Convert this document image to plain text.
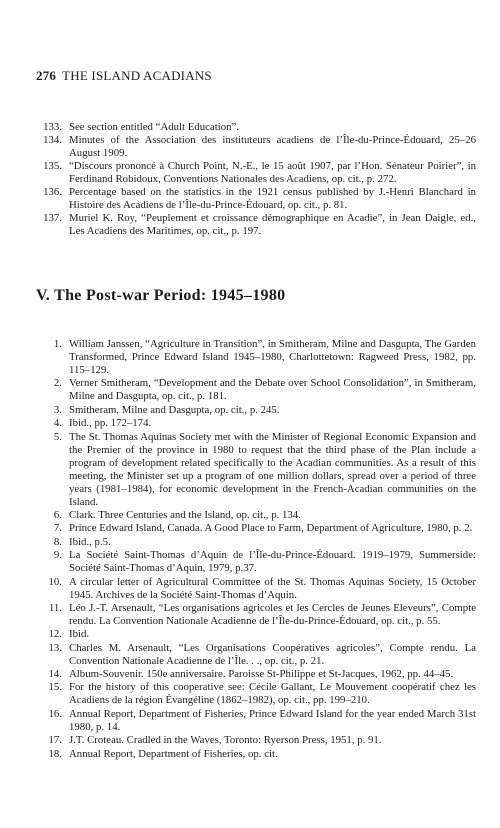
276 THE ISLAND ACADIANS
133. See section entitled “Adult Education”.
134. Minutes of the Association des instituteurs acadiens de l’Île-du-Prince-Édouard, 25–26 August 1909.
135. “Discours prononcé à Church Point, N.-E., le 15 août 1907, par l’Hon. Sénateur Poirier”, in Ferdinand Robidoux, Conventions Nationales des Acadiens, op. cit., p. 272.
136. Percentage based on the statistics in the 1921 census published by J.-Henri Blanchard in Histoire des Acadiens de l’Île-du-Prince-Édouard, op. cit., p. 81.
137. Muriel K. Roy, “Peuplement et croissance démographique en Acadie”, in Jean Daigle, ed., Les Acadiens des Maritimes, op. cit., p. 197.
V. The Post-war Period: 1945–1980
1. William Janssen, “Agriculture in Transition”, in Smitheram, Milne and Dasgupta, The Garden Transformed, Prince Edward Island 1945–1980, Charlottetown: Ragweed Press, 1982, pp. 115–129.
2. Verner Smitheram, “Development and the Debate over School Consolidation”, in Smitheram, Milne and Dasgupta, op. cit., p. 181.
3. Smitheram, Milne and Dasgupta, op. cit., p. 245.
4. Ibid., pp. 172–174.
5. The St. Thomas Aquinas Society met with the Minister of Regional Economic Expansion and the Premier of the province in 1980 to request that the third phase of the Plan include a program of development related specifically to the Acadian communities. As a result of this meeting, the Minister set up a program of one million dollars, spread over a period of three years (1981–1984), for economic development in the French-Acadian communities on the Island.
6. Clark. Three Centuries and the Island, op. cit., p. 134.
7. Prince Edward Island, Canada. A Good Place to Farm, Department of Agriculture, 1980, p. 2.
8. Ibid., p.5.
9. La Société Saint-Thomas d’Aquin de l’Île-du-Prince-Édouard. 1919–1979, Summerside: Société Saint-Thomas d’Aquin, 1979, p.37.
10. A circular letter of Agricultural Committee of the St. Thomas Aquinas Society, 15 October 1945. Archives de la Société Saint-Thomas d’Aquin.
11. Léo J.-T. Arsenault, “Les organisations agricoles et les Cercles de Jeunes Eleveurs”, Compte rendu. La Convention Nationale Acadienne de l’Île-du-Prince-Édouard, op. cit., p. 55.
12. Ibid.
13. Charles M. Arsenault, “Les Organisations Coopératives agricoles”, Compte rendu. La Convention Nationale Acadienne de l’Île. . ., op. cit., p. 21.
14. Album-Souvenir. 150e anniversaire. Paroisse St-Philippe et St-Jacques, 1962, pp. 44–45.
15. For the history of this cooperative see: Cécile Gallant, Le Mouvement coopératif chez les Acadiens de la région Évangéline (1862–1982), op. cit., pp. 199–210.
16. Annual Report, Department of Fisheries, Prince Edward Island for the year ended March 31st 1980, p. 14.
17. J.T. Croteau. Cradled in the Waves, Toronto: Ryerson Press, 1951, p. 91.
18. Annual Report, Department of Fisheries, op. cit.
